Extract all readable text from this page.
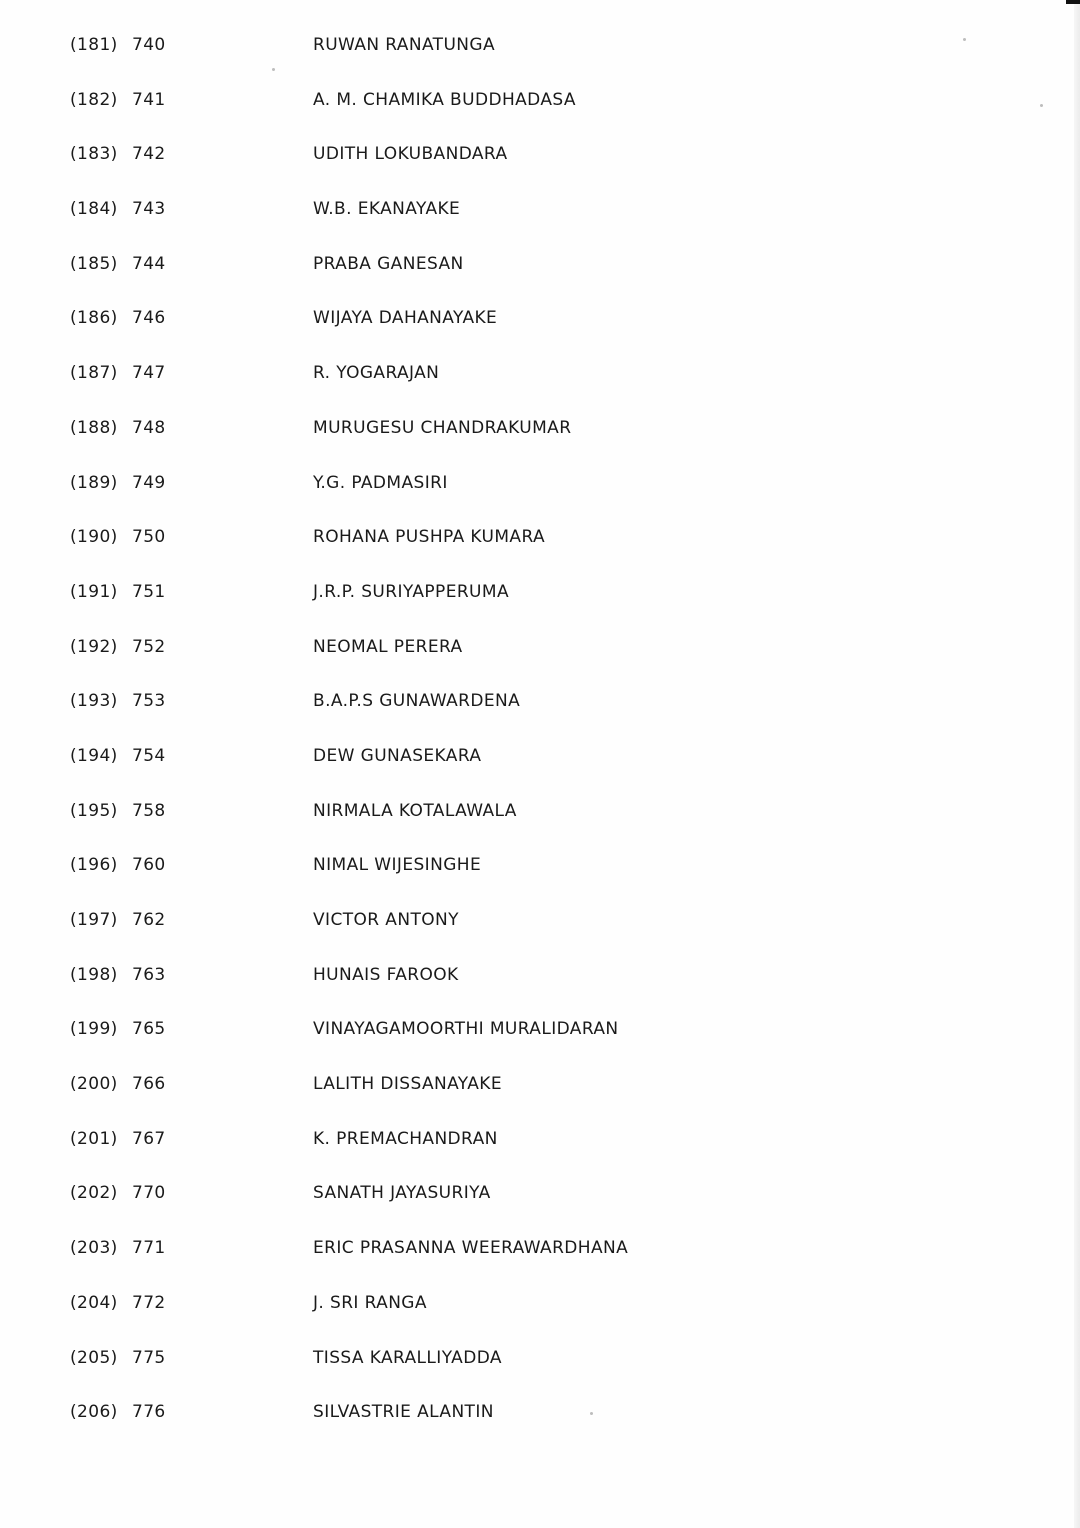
(181) 740	RUWAN RANATUNGA
(182) 741	A. M. CHAMIKA BUDDHADASA
(183) 742	UDITH LOKUBANDARA
(184) 743	W.B. EKANAYAKE
(185) 744	PRABA GANESAN
(186) 746	WIJAYA DAHANAYAKE
(187) 747	R. YOGARAJAN
(188) 748	MURUGESU CHANDRAKUMAR
(189) 749	Y.G. PADMASIRI
(190) 750	ROHANA PUSHPA KUMARA
(191) 751	J.R.P. SURIYAPPERUMA
(192) 752	NEOMAL PERERA
(193) 753	B.A.P.S GUNAWARDENA
(194) 754	DEW GUNASEKARA
(195) 758	NIRMALA KOTALAWALA
(196) 760	NIMAL WIJESINGHE
(197) 762	VICTOR ANTONY
(198) 763	HUNAIS FAROOK
(199) 765	VINAYAGAMOORTHI MURALIDARAN
(200) 766	LALITH DISSANAYAKE
(201) 767	K. PREMACHANDRAN
(202) 770	SANATH JAYASURIYA
(203) 771	ERIC PRASANNA WEERAWARDHANA
(204) 772	J. SRI RANGA
(205) 775	TISSA KARALLIYADDA
(206) 776	SILVASTRIE ALANTIN
